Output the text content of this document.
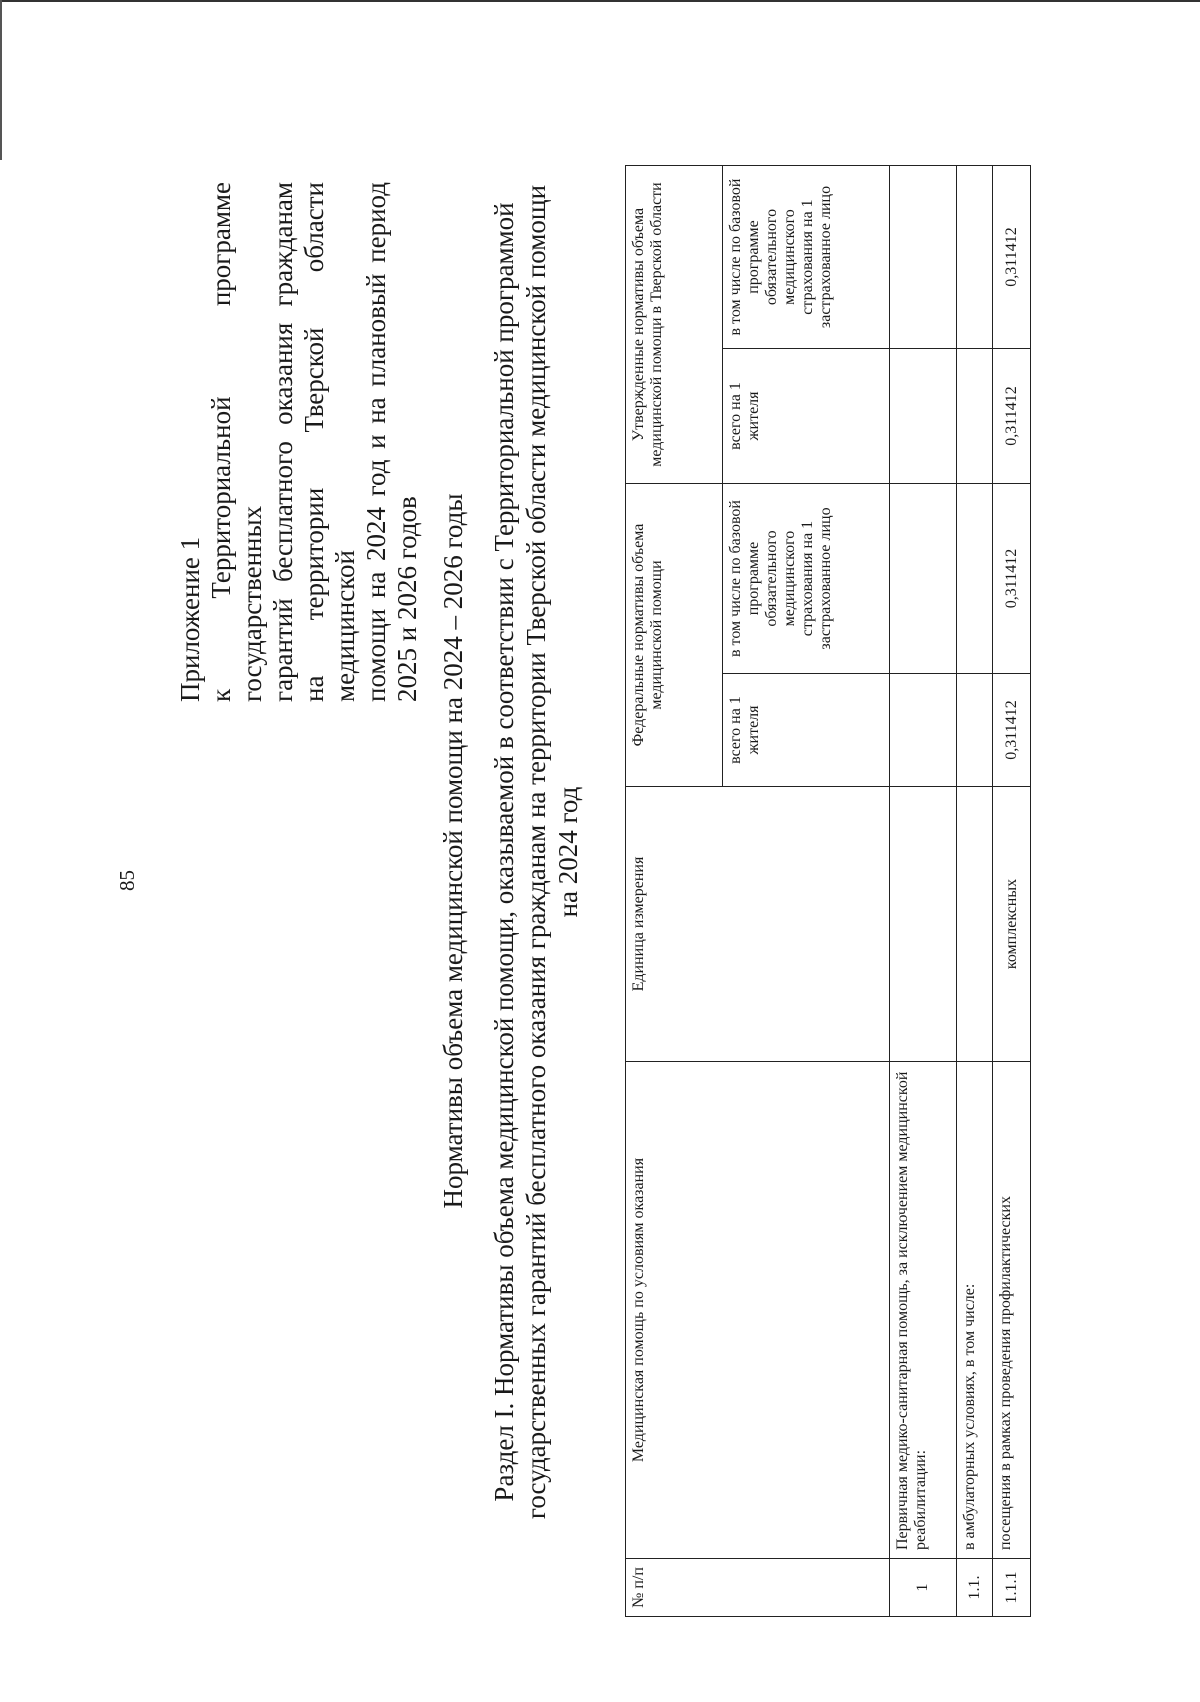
85
Приложение 1 к Территориальной программе государственных гарантий бесплатного оказания гражданам на территории Тверской области медицинской помощи на 2024 год и на плановый период 2025 и 2026 годов Нормативы объема медицинской помощи на 2024 – 2026 годы Раздел I. Нормативы объема медицинской помощи, оказываемой в соответствии с Территориальной программой государственных гарантий бесплатного оказания гражданам на территории Тверской области медицинской помощи на 2024 год
№ п/п	Медицинская помощь по условиям оказания	Единица измерения	Федеральные нормативы объема медицинской помощи		Утвержденные нормативы объема медицинской помощи в Тверской области	
			всего на 1 жителя	в том числе по базовой программе обязательного медицинского страхования на 1 застрахованное лицо	всего на 1 жителя	в том числе по базовой программе обязательного медицинского страхования на 1 застрахованное лицо
1	Первичная медико-санитарная помощь, за исключением медицинской реабилитации:					
1.1.	в амбулаторных условиях, в том числе:					
1.1.1	посещения в рамках проведения профилактических	комплексных	0,311412	0,311412	0,311412	0,311412
